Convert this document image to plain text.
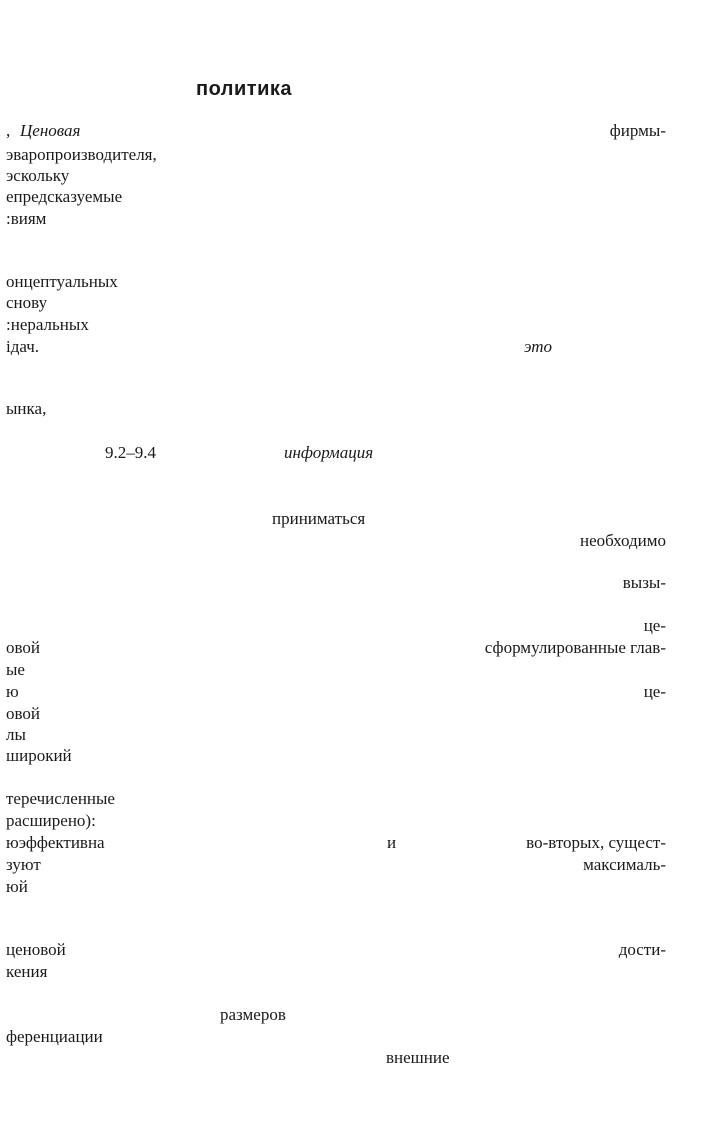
политика
, Ценовая	фирмы-
эваропроизводителя,
эскольку
епредсказуемые
:виям
онцептуальных
снову
:неральных
ідач.	это
ынка,
9.2–9.4	информация
приниматься
необходимо
вызы-
це-
овой	сформулированные глав-
ые
ю	це-
овой
лы
ширoкий
теречисленные
расширено):
юэффективна	и	во-вторых, сущест-
зуют	максималь-
юй
ценовой	дости-
кения
размеров
ференциации
внешние
